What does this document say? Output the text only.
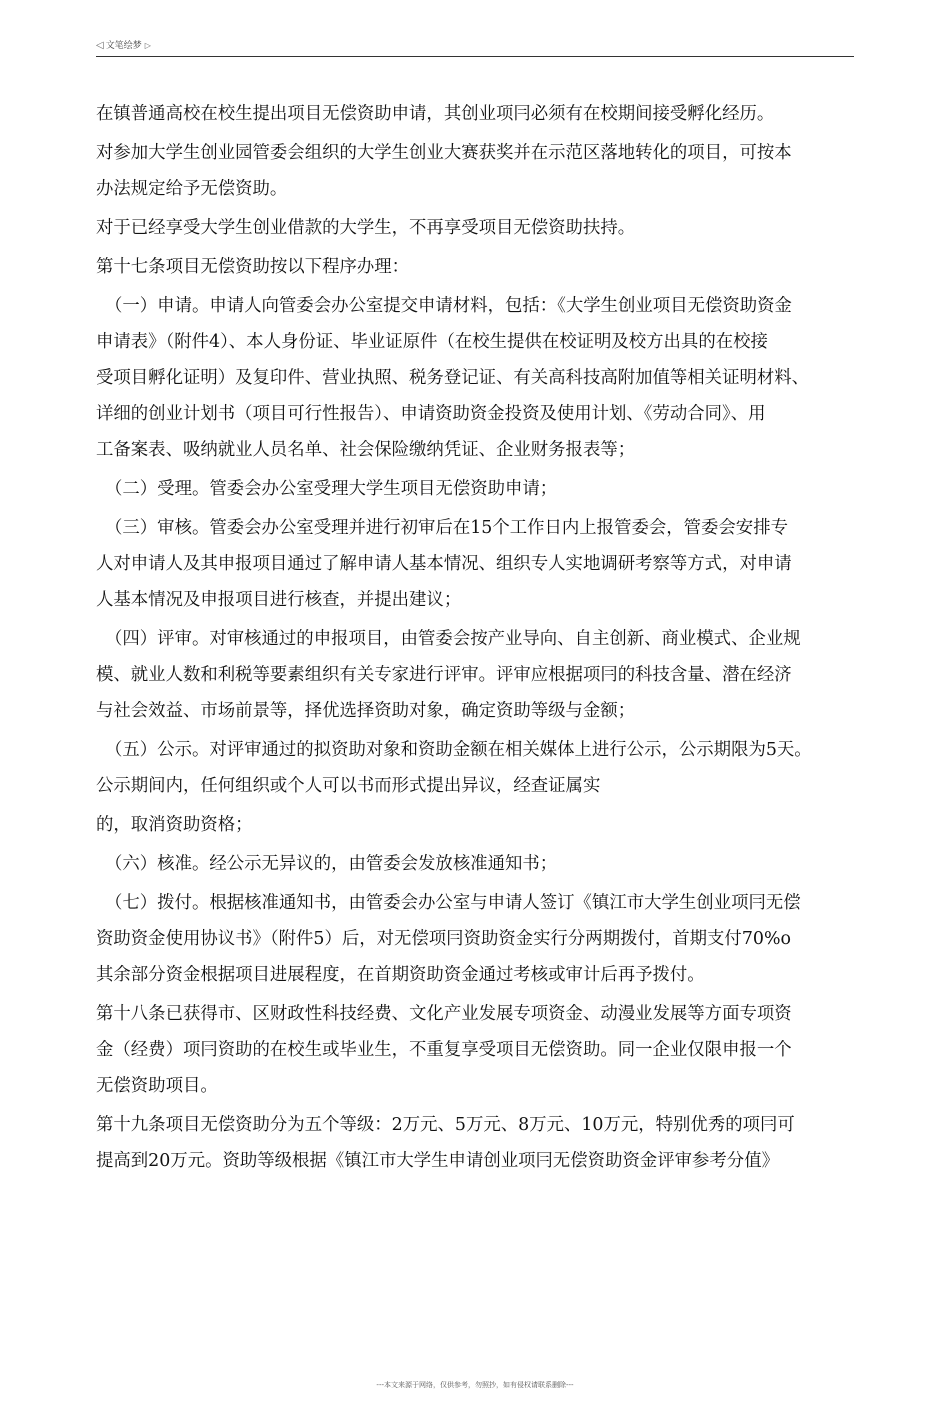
◁ 文笔绘梦 ▷
在镇普通高校在校生提出项目无偿资助申请，其创业项冃必须有在校期间接受孵化经历。
对参加大学生创业园管委会组织的大学生创业大赛获奖并在示范区落地转化的项目，可按本
办法规定给予无偿资助。
对于已经享受大学生创业借款的大学生，不再享受项目无偿资助扶持。
第十七条项目无偿资助按以下程序办理：
（一）申请。申请人向管委会办公室提交申请材料，包括：《大学生创业项目无偿资助资金
申请表》（附件4）、本人身份证、毕业证原件（在校生提供在校证明及校方出具的在校接
受项目孵化证明）及复印件、营业执照、税务登记证、有关高科技高附加值等相关证明材料、
详细的创业计划书（项目可行性报告）、申请资助资金投资及使用计划、《劳动合同》、用
工备案表、吸纳就业人员名单、社会保险缴纳凭证、企业财务报表等；
（二）受理。管委会办公室受理大学生项目无偿资助申请；
（三）审核。管委会办公室受理并进行初审后在15个工作日内上报管委会，管委会安排专
人对申请人及其申报项目通过了解申请人基本情况、组织专人实地调研考察等方式，对申请
人基本情况及申报项目进行核查，并提出建议；
（四）评审。对审核通过的申报项目，由管委会按产业导向、自主创新、商业模式、企业规
模、就业人数和利税等要素组织有关专家进行评审。评审应根据项冃的科技含量、潜在经济
与社会效益、市场前景等，择优选择资助对象，确定资助等级与金额；
（五）公示。对评审通过的拟资助对象和资助金额在相关媒体上进行公示，公示期限为5天。
公示期间内，任何组织或个人可以书而形式提出异议，经查证属实
的，取消资助资格；
（六）核准。经公示无异议的，由管委会发放核准通知书；
（七）拨付。根据核准通知书，由管委会办公室与申请人签订《镇江市大学生创业项冃无偿
资助资金使用协议书》（附件5）后，对无偿项冃资助资金实行分两期拨付，首期支付70%o
其余部分资金根据项目进展程度，在首期资助资金通过考核或审计后再予拨付。
第十八条已获得市、区财政性科技经费、文化产业发展专项资金、动漫业发展等方面专项资
金（经费）项冃资助的在校生或毕业生，不重复享受项目无偿资助。同一企业仅限申报一个
无偿资助项目。
第十九条项目无偿资助分为五个等级：2万元、5万元、8万元、10万元，特别优秀的项冃可
提高到20万元。资助等级根据《镇江市大学生申请创业项冃无偿资助资金评审参考分值》
---本文来源于网络，仅供参考，勿照抄，如有侵权请联系删除---
